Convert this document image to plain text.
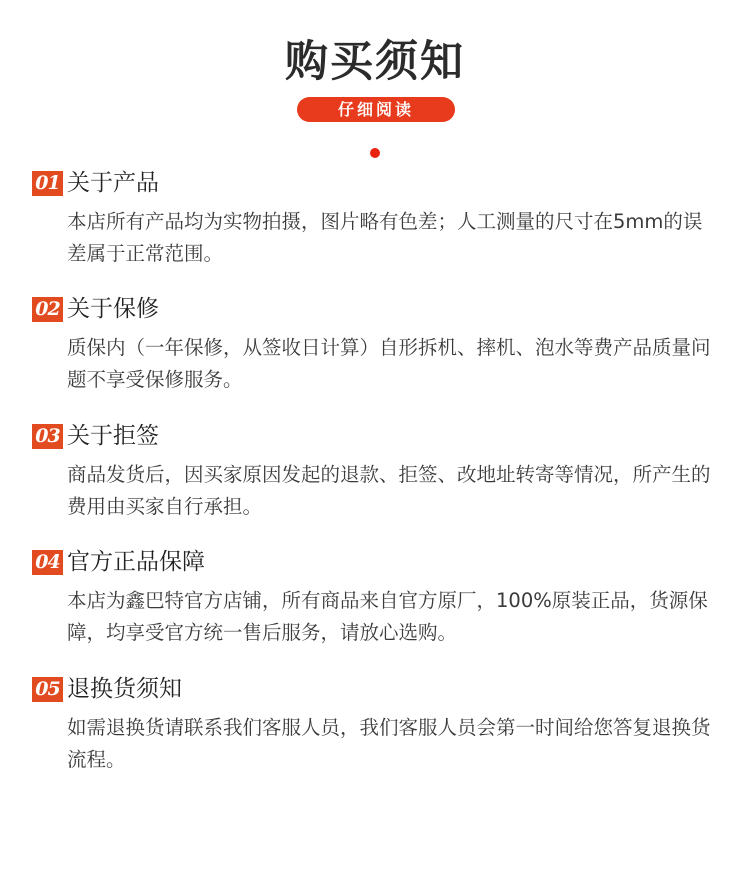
购买须知
仔细阅读
01 关于产品
本店所有产品均为实物拍摄，图片略有色差；人工测量的尺寸在5mm的误差属于正常范围。
02 关于保修
质保内（一年保修，从签收日计算）自形拆机、摔机、泡水等费产品质量问题不享受保修服务。
03 关于拒签
商品发货后，因买家原因发起的退款、拒签、改地址转寄等情况，所产生的费用由买家自行承担。
04 官方正品保障
本店为鑫巴特官方店铺，所有商品来自官方原厂，100%原装正品，货源保障，均享受官方统一售后服务，请放心选购。
05 退换货须知
如需退换货请联系我们客服人员，我们客服人员会第一时间给您答复退换货流程。
